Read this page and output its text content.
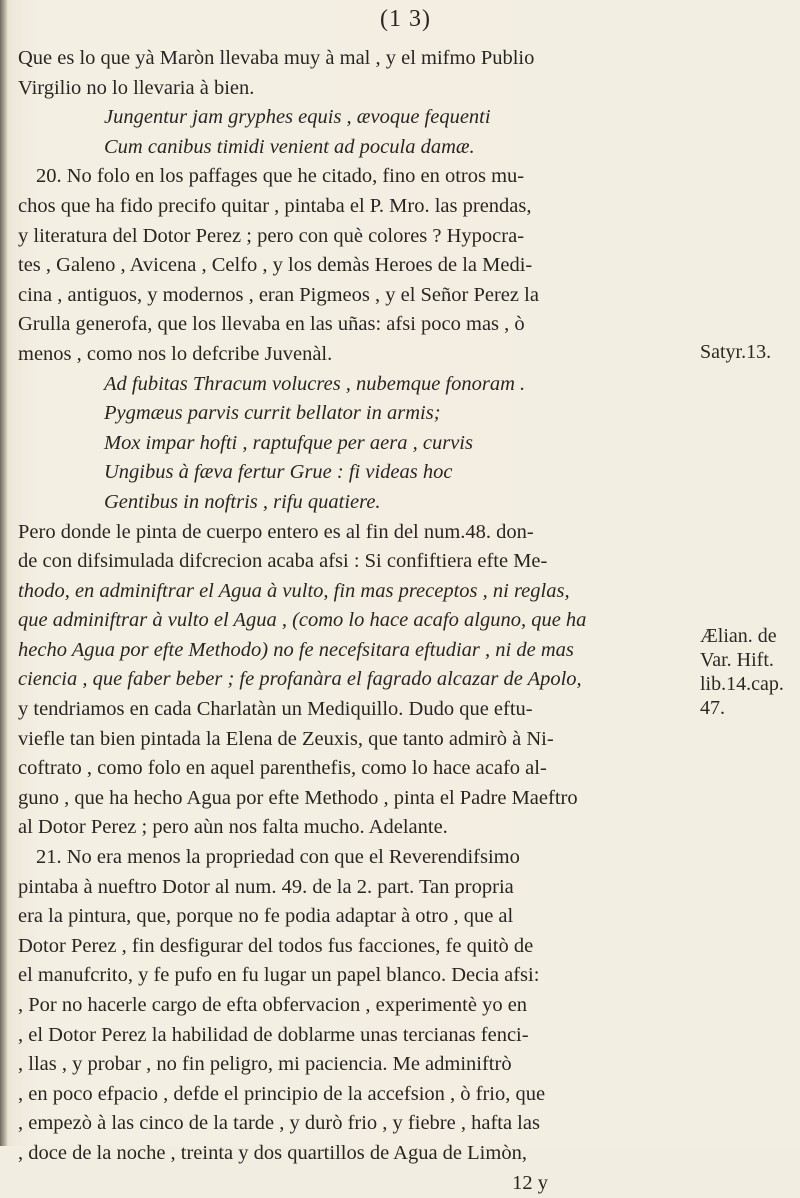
(1 3)
Que es lo que yà Maròn llevaba muy à mal , y el mifmo Publio
Virgilio no lo llevaria à bien.
Jungentur jam gryphes equis , ævoque fequenti
Cum canibus timidi venient ad pocula damæ.
20. No folo en los paffages que he citado, fino en otros mu-
chos que ha fido precifo quitar , pintaba el P. Mro. las prendas,
y literatura del Dotor Perez ; pero con què colores ? Hypocra-
tes , Galeno , Avicena , Celfo , y los demàs Heroes de la Medi-
cina , antiguos, y modernos , eran Pigmeos , y el Señor Perez la
Grulla generofa, que los llevaba en las uñas: afsi poco mas , ò
menos , como nos lo defcribe Juvenàl.
Ad fubitas Thracum volucres , nubemque fonoram .
Pygmæus parvis currit bellator in armis;
Mox impar hofti , raptufque per aera , curvis
Ungibus à fæva fertur Grue : fi videas hoc
Gentibus in noftris , rifu quatiere.
Pero donde le pinta de cuerpo entero es al fin del num.48. don-
de con difsimulada difcrecion acaba afsi : Si confiftiera efte Me-
thodo, en adminiftrar el Agua à vulto, fin mas preceptos , ni reglas,
que adminiftrar à vulto el Agua , (como lo hace acafo alguno, que ha
hecho Agua por efte Methodo) no fe necefsitara eftudiar , ni de mas
ciencia , que faber beber ; fe profanàra el fagrado alcazar de Apolo,
y tendriamos en cada Charlatàn un Mediquillo. Dudo que eftu-
viefle tan bien pintada la Elena de Zeuxis, que tanto admirò à Ni-
coftrato , como folo en aquel parenthefis, como lo hace acafo al-
guno , que ha hecho Agua por efte Methodo , pinta el Padre Maeftro
al Dotor Perez ; pero aùn nos falta mucho. Adelante.
21. No era menos la propriedad con que el Reverendifsimo
pintaba à nueftro Dotor al num. 49. de la 2. part. Tan propria
era la pintura, que, porque no fe podia adaptar à otro , que al
Dotor Perez , fin desfigurar del todos fus facciones, fe quitò de
el manufcrito, y fe pufo en fu lugar un papel blanco. Decia afsi:
, Por no hacerle cargo de efta obfervacion , experimentè yo en
, el Dotor Perez la habilidad de doblarme unas tercianas fenci-
, llas , y probar , no fin peligro, mi paciencia. Me adminiftrò
, en poco efpacio , defde el principio de la accefsion , ò frio, que
, empezò à las cinco de la tarde , y durò frio , y fiebre , hafta las
, doce de la noche , treinta y dos quartillos de Agua de Limòn,
12 y
Satyr.13.
Ælian. de
Var. Hift.
lib.14.cap.
47.
